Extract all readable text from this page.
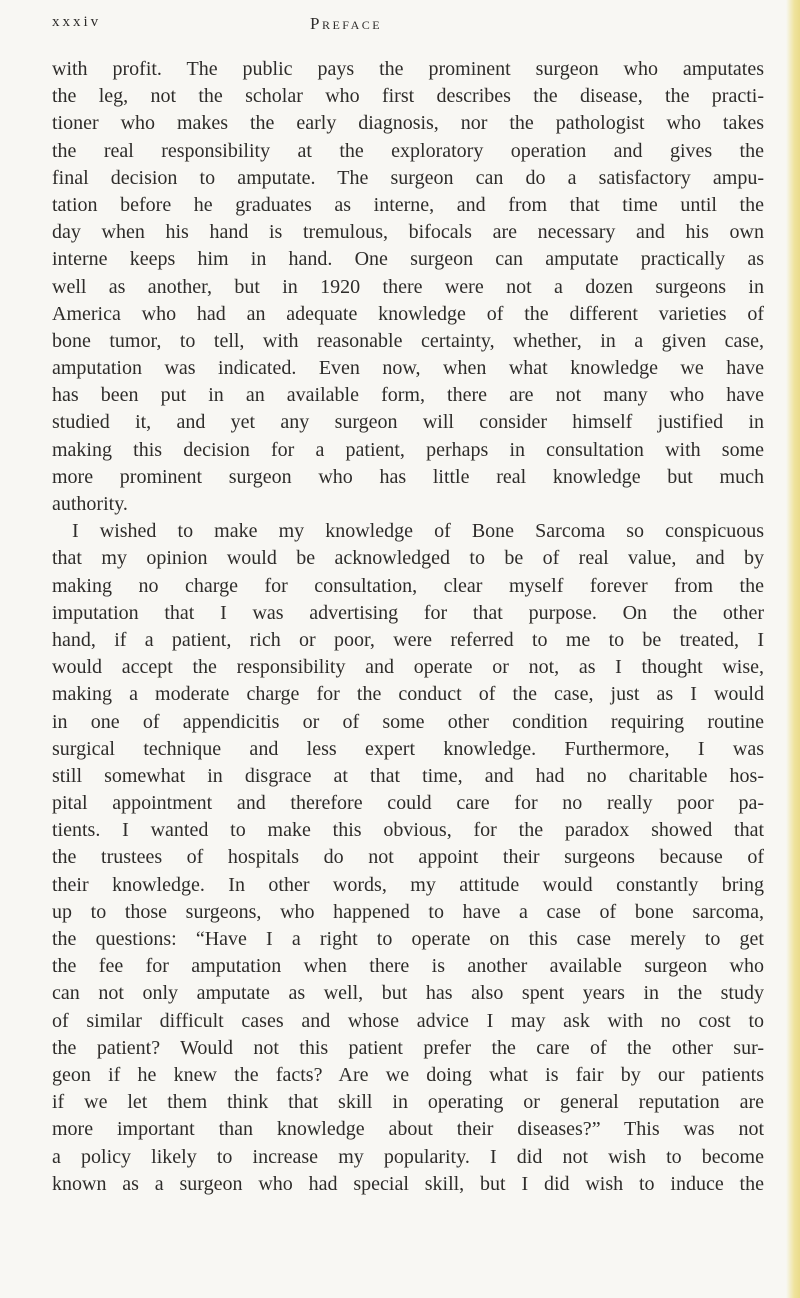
xxxiv	Preface
with profit. The public pays the prominent surgeon who amputates
the leg, not the scholar who first describes the disease, the practi-
tioner who makes the early diagnosis, nor the pathologist who takes
the real responsibility at the exploratory operation and gives the
final decision to amputate. The surgeon can do a satisfactory ampu-
tation before he graduates as interne, and from that time until the
day when his hand is tremulous, bifocals are necessary and his own
interne keeps him in hand. One surgeon can amputate practically as
well as another, but in 1920 there were not a dozen surgeons in
America who had an adequate knowledge of the different varieties of
bone tumor, to tell, with reasonable certainty, whether, in a given case,
amputation was indicated. Even now, when what knowledge we have
has been put in an available form, there are not many who have
studied it, and yet any surgeon will consider himself justified in
making this decision for a patient, perhaps in consultation with some
more prominent surgeon who has little real knowledge but much
authority.
I wished to make my knowledge of Bone Sarcoma so conspicuous
that my opinion would be acknowledged to be of real value, and by
making no charge for consultation, clear myself forever from the
imputation that I was advertising for that purpose. On the other
hand, if a patient, rich or poor, were referred to me to be treated, I
would accept the responsibility and operate or not, as I thought wise,
making a moderate charge for the conduct of the case, just as I would
in one of appendicitis or of some other condition requiring routine
surgical technique and less expert knowledge. Furthermore, I was
still somewhat in disgrace at that time, and had no charitable hos-
pital appointment and therefore could care for no really poor pa-
tients. I wanted to make this obvious, for the paradox showed that
the trustees of hospitals do not appoint their surgeons because of
their knowledge. In other words, my attitude would constantly bring
up to those surgeons, who happened to have a case of bone sarcoma,
the questions: “Have I a right to operate on this case merely to get
the fee for amputation when there is another available surgeon who
can not only amputate as well, but has also spent years in the study
of similar difficult cases and whose advice I may ask with no cost to
the patient? Would not this patient prefer the care of the other sur-
geon if he knew the facts? Are we doing what is fair by our patients
if we let them think that skill in operating or general reputation are
more important than knowledge about their diseases?” This was not
a policy likely to increase my popularity. I did not wish to become
known as a surgeon who had special skill, but I did wish to induce the
